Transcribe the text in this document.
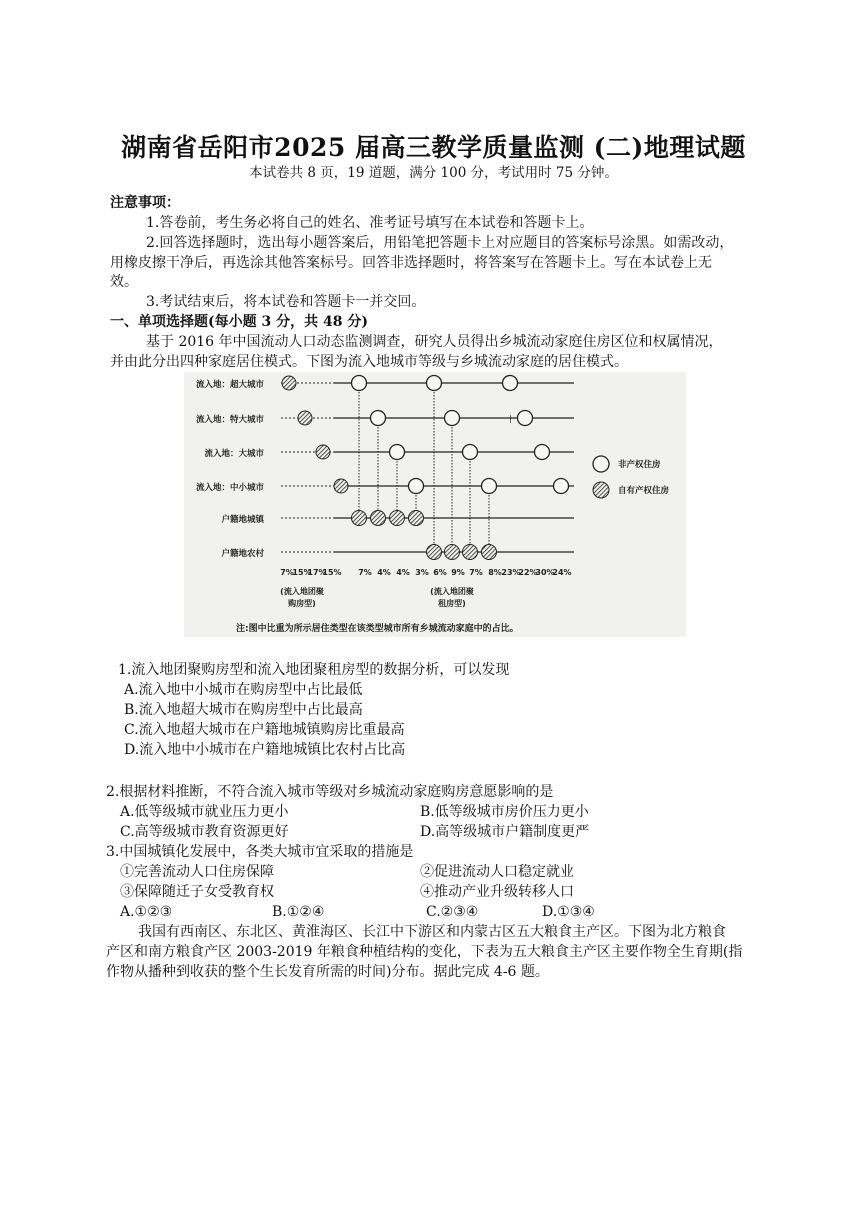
湖南省岳阳市2025 届高三教学质量监测 (二)地理试题
本试卷共 8 页，19 道题，满分 100 分，考试用时 75 分钟。
注意事项：
1.答卷前，考生务必将自己的姓名、准考证号填写在本试卷和答题卡上。
2.回答选择题时，选出每小题答案后，用铅笔把答题卡上对应题目的答案标号涂黑。如需改动，
用橡皮擦干净后，再选涂其他答案标号。回答非选择题时，将答案写在答题卡上。写在本试卷上无
效。
3.考试结束后，将本试卷和答题卡一并交回。
一、单项选择题(每小题 3 分，共 48 分)
基于 2016 年中国流动人口动态监测调查，研究人员得出乡城流动家庭住房区位和权属情况，
并由此分出四种家庭居住模式。下图为流入地城市等级与乡城流动家庭的居住模式。
流入地：超大城市
流入地：特大城市
流入地：大城市
流入地：中小城市
户籍地城镇
户籍地农村
|
非产权住房
自有产权住房
7%
15%
17%
15% 7% 4% 4% 3% 6% 9% 7% 8% 23%
22%
30%
24%
(流入地团聚
购房型)
(流入地团聚
租房型)
注:图中比重为所示居住类型在该类型城市所有乡城流动家庭中的占比。
1.流入地团聚购房型和流入地团聚租房型的数据分析，可以发现
A.流入地中小城市在购房型中占比最低
B.流入地超大城市在购房型中占比最高
C.流入地超大城市在户籍地城镇购房比重最高
D.流入地中小城市在户籍地城镇比农村占比高
2.根据材料推断，不符合流入城市等级对乡城流动家庭购房意愿影响的是
A.低等级城市就业压力更小	B.低等级城市房价压力更小
C.高等级城市教育资源更好	D.高等级城市户籍制度更严
3.中国城镇化发展中，各类大城市宜采取的措施是
①完善流动人口住房保障	②促进流动人口稳定就业
③保障随迁子女受教育权	④推动产业升级转移人口
A.①②③	B.①②④	C.②③④	D.①③④
我国有西南区、东北区、黄淮海区、长江中下游区和内蒙古区五大粮食主产区。下图为北方粮食
产区和南方粮食产区 2003-2019 年粮食种植结构的变化，下表为五大粮食主产区主要作物全生育期(指
作物从播种到收获的整个生长发育所需的时间)分布。据此完成 4-6 题。
